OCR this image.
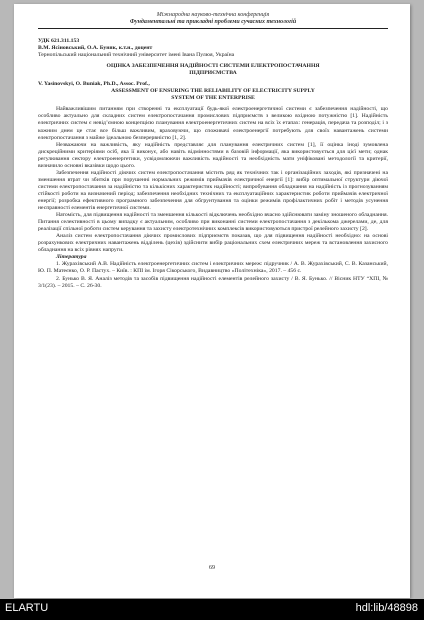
Міжнародна науково-технічна конференція
Фундаментальні та прикладні проблеми сучасних технологій

УДК 621.311.153

В.М. Ясіновський, О.А. Буняк, к.т.н., доцент

Тернопільський національний технічний університет імені Івана Пулюя, Україна

ОЦІНКА ЗАБЕЗПЕЧЕННЯ НАДІЙНОСТІ СИСТЕМИ ЕЛЕКТРОПОСТАЧАННЯ

ПІДПРИЄМСТВА

V. Yasinovskyi, O. Buniak, Ph.D., Assoc. Prof.,

ASSESSMENT OF ENSURING THE RELIABILITY OF ELECTRICITY SUPPLY

SYSTEM OF THE ENTERPRISE

Найважливішим питанням при створенні та експлуатації будь-якої електроенергетичної системи є забезпечення надійності, що особливо актуально для складних систем електропостачання промислових підприємств з великою вхідною потужністю [1]. Надійність електричних систем є невід’ємною концепцією планування електроенергетичних систем на всіх їх етапах: генерація, передача та розподіл; і з кожним днем це стає все більш важливим, враховуючи, що споживачі електроенергії потребують для своїх навантажень системи електропостачання з майже ідеальною безперервністю [1, 2].

Незважаючи на важливість, яку надійність представляє для планування електричних систем [1], її оцінка іноді зумовлена дискреційними критеріями осіб, яка її виконує, або навіть відмінностями в базовій інформації, яка використовується для цієї мети; однак регулювання сектору електроенергетики, усвідомлюючи важливість надійності та необхідність мати уніфіковані методології та критерії, визначило основні вказівки щодо цього.

Забезпечення надійності діючих систем електропостачання містить ряд як технічних так і організаційних заходів, які призначені на зменшення втрат чи збитків при порушенні нормальних режимів приймачів електричної енергії [1]: вибір оптимальної структури діючої системи електропостачання за надійністю та кількісних характеристик надійності; випробування обладнання на надійність із прогнозуванням стійкості роботи на визначений період; забезпечення необхідних технічних та експлуатаційних характеристик роботи приймачів електричної енергії; розробка ефективного програмного забезпечення для обгрунтування та оцінки режимів профілактичних робіт і методів усунення несправності елементів енергетичної системи.

Натомість, для підвищення надійності та зменшення кількості відключень необхідно вчасно здійснювати заміну зношеного обладнання. Питання селективності в цьому випадку є актуальним, особливо при виконанні системи електропостачання з декількома джерелами, де, для реалізації спільної роботи систем керування та захисту електротехнічних комплексів використовуються пристрої релейного захисту [2].

Аналіз систем електропостачання діючих промислових підприємств показав, що для підвищення надійності необхідно: на основі розрахункових електричних навантажень відділень (цехів) здійснити вибір раціональних схем електричних мереж та встановлення захисного обладнання на всіх рівнях напруги.

Література

1. Журахівський А.В. Надійність електроенергетичних систем і електричних мереж: підручник / А. В. Журахівський, С. В. Казанський, Ю. П. Матеєнко, О. Р. Пастух. – Київ. : КПІ ім. Ігоря Сікорського, Видавництво «Політехніка», 2017. – 456 с.

2. Бунько В. Я. Аналіз методів та засобів підвищення надійності елементів релейного захисту / В. Я. Бунько. // Вісник НТУ “ХПІ, № 3/1(23). – 2015. – С. 26-30.

69
ELARTU	hdl:lib/48898
